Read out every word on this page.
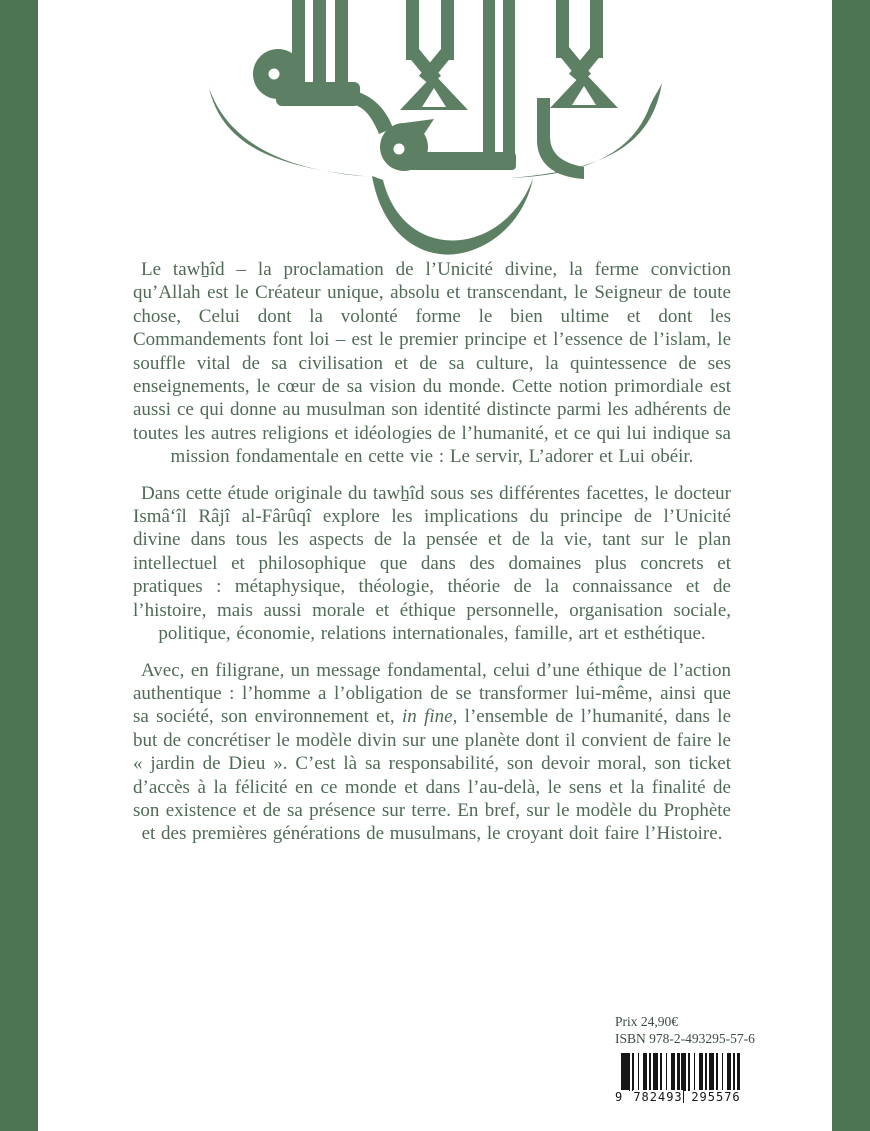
Le tawẖîd – la proclamation de l’Unicité divine, la ferme conviction qu’Allah est le Créateur unique, absolu et transcendant, le Seigneur de toute chose, Celui dont la volonté forme le bien ultime et dont les Commandements font loi – est le premier principe et l’essence de l’islam, le souffle vital de sa civilisation et de sa culture, la quintessence de ses enseignements, le cœur de sa vision du monde. Cette notion primordiale est aussi ce qui donne au musulman son identité distincte parmi les adhérents de toutes les autres religions et idéologies de l’humanité, et ce qui lui indique sa mission fondamentale en cette vie : Le servir, L’adorer et Lui obéir.

Dans cette étude originale du tawẖîd sous ses différentes facettes, le docteur Ismâ‘îl Râjî al-Fârûqî explore les implications du principe de l’Unicité divine dans tous les aspects de la pensée et de la vie, tant sur le plan intellectuel et philosophique que dans des domaines plus concrets et pratiques : métaphysique, théologie, théorie de la connaissance et de l’histoire, mais aussi morale et éthique personnelle, organisation sociale, politique, économie, relations internationales, famille, art et esthétique.

Avec, en filigrane, un message fondamental, celui d’une éthique de l’action authentique : l’homme a l’obligation de se transformer lui-même, ainsi que sa société, son environnement et, in fine, l’ensemble de l’humanité, dans le but de concrétiser le modèle divin sur une planète dont il convient de faire le « jardin de Dieu ». C’est là sa responsabilité, son devoir moral, son ticket d’accès à la félicité en ce monde et dans l’au-delà, le sens et la finalité de son existence et de sa présence sur terre. En bref, sur le modèle du Prophète et des premières générations de musulmans, le croyant doit faire l’Histoire.

Prix 24,90€
ISBN 978-2-493295-57-6
9 782493 295576
